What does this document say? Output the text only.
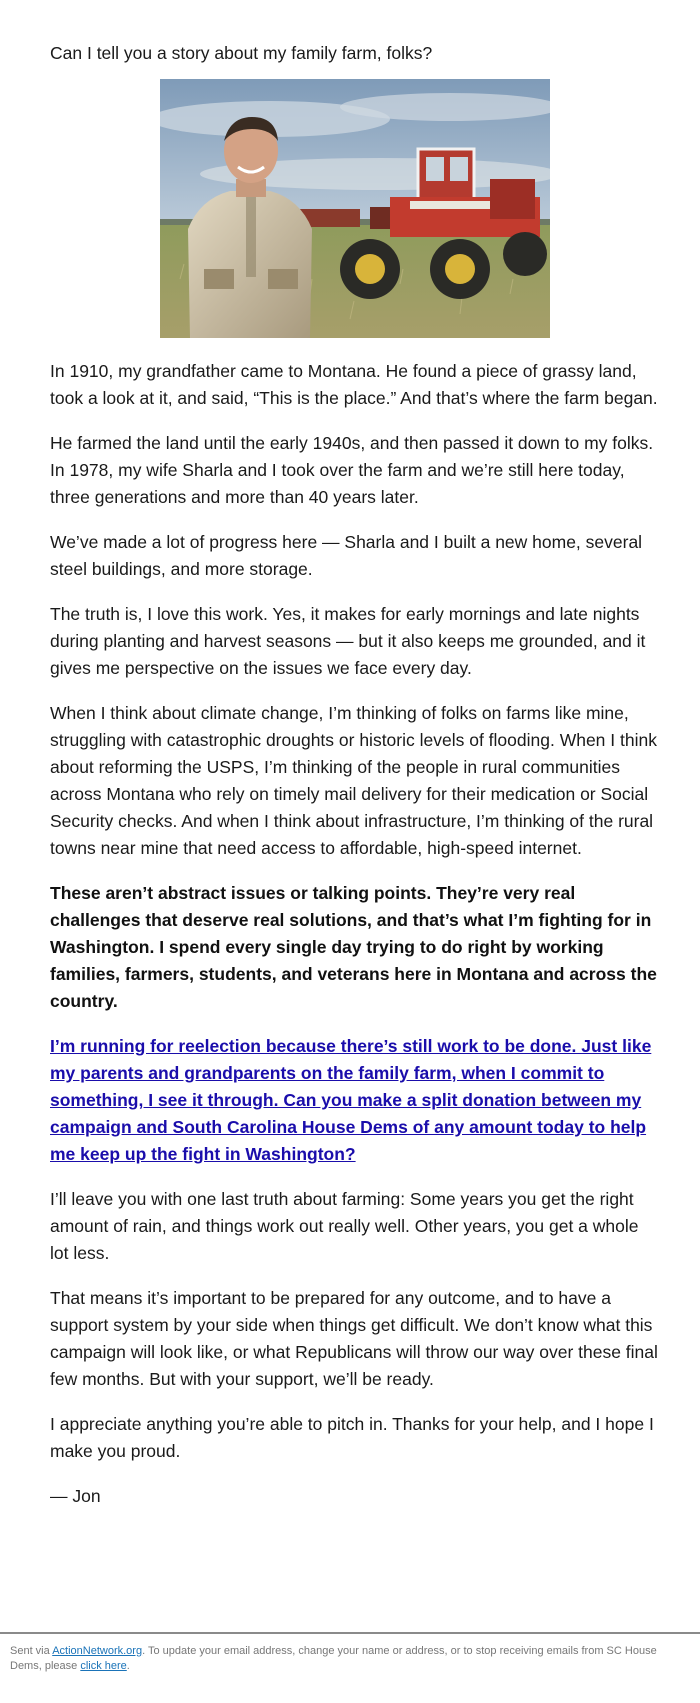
Can I tell you a story about my family farm, folks?

In 1910, my grandfather came to Montana. He found a piece of grassy land, took a look at it, and said, “This is the place.” And that’s where the farm began.

He farmed the land until the early 1940s, and then passed it down to my folks. In 1978, my wife Sharla and I took over the farm and we’re still here today, three generations and more than 40 years later.

We’ve made a lot of progress here — Sharla and I built a new home, several steel buildings, and more storage.

The truth is, I love this work. Yes, it makes for early mornings and late nights during planting and harvest seasons — but it also keeps me grounded, and it gives me perspective on the issues we face every day.

When I think about climate change, I’m thinking of folks on farms like mine, struggling with catastrophic droughts or historic levels of flooding. When I think about reforming the USPS, I’m thinking of the people in rural communities across Montana who rely on timely mail delivery for their medication or Social Security checks. And when I think about infrastructure, I’m thinking of the rural towns near mine that need access to affordable, high-speed internet.

These aren’t abstract issues or talking points. They’re very real challenges that deserve real solutions, and that’s what I’m fighting for in Washington. I spend every single day trying to do right by working families, farmers, students, and veterans here in Montana and across the country.

I’m running for reelection because there’s still work to be done. Just like my parents and grandparents on the family farm, when I commit to something, I see it through. Can you make a split donation between my campaign and South Carolina House Dems of any amount today to help me keep up the fight in Washington?

I’ll leave you with one last truth about farming: Some years you get the right amount of rain, and things work out really well. Other years, you get a whole lot less.

That means it’s important to be prepared for any outcome, and to have a support system by your side when things get difficult. We don’t know what this campaign will look like, or what Republicans will throw our way over these final few months. But with your support, we’ll be ready.

I appreciate anything you’re able to pitch in. Thanks for your help, and I hope I make you proud.

— Jon

Sent via ActionNetwork.org. To update your email address, change your name or address, or to stop receiving emails from SC House Dems, please click here.
